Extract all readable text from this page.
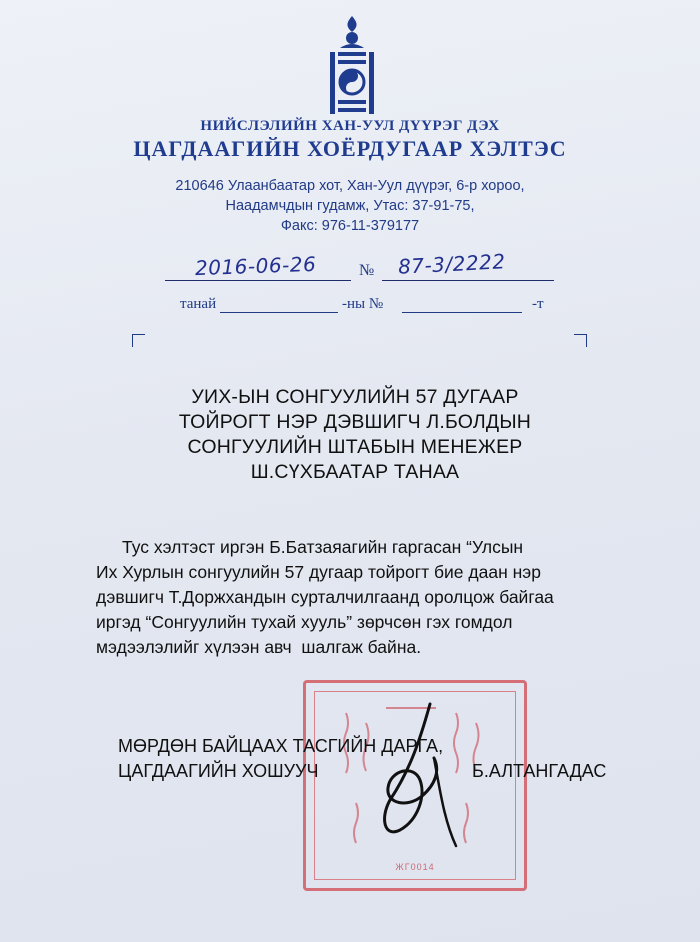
НИЙСЛЭЛИЙН ХАН-УУЛ ДҮҮРЭГ ДЭХ
ЦАГДААГИЙН ХОЁРДУГААР ХЭЛТЭС
210646 Улаанбаатар хот, Хан-Уул дүүрэг, 6-р хороо,
Наадамчдын гудамж, Утас: 37-91-75,
Факс: 976-11-379177
2016-06-26	№ 87-3/2222
танай	-ны №	-т
УИХ-ЫН СОНГУУЛИЙН 57 ДУГААР
ТОЙРОГТ НЭР ДЭВШИГЧ Л.БОЛДЫН
СОНГУУЛИЙН ШТАБЫН МЕНЕЖЕР
Ш.СҮХБААТАР ТАНАА
Тус хэлтэст иргэн Б.Батзаяагийн гаргасан “Улсын
Их Хурлын сонгуулийн 57 дугаар тойрогт бие даан нэр
дэвшигч Т.Доржхандын сурталчилгаанд оролцож байгаа
иргэд “Сонгуулийн тухай хууль” зөрчсөн гэх гомдол
мэдээлэлийг хүлээн авч  шалгаж байна.
ЖГ0014
МӨРДӨН БАЙЦААХ ТАСГИЙН ДАРГА,
ЦАГДААГИЙН ХОШУУЧ	Б.АЛТАНГАДАС
